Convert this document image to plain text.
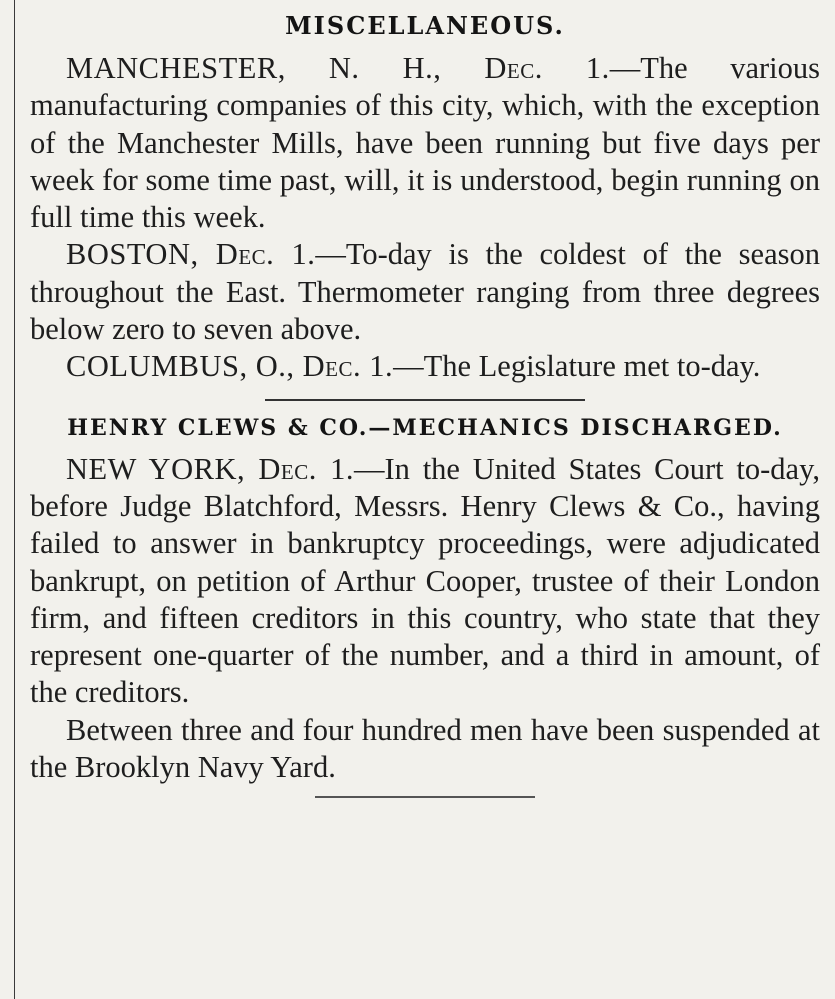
MISCELLANEOUS.

MANCHESTER, N. H., Dec. 1.—The various manufacturing companies of this city, which, with the exception of the Manchester Mills, have been running but five days per week for some time past, will, it is understood, begin running on full time this week.

BOSTON, Dec. 1.—To-day is the coldest of the season throughout the East. Thermometer ranging from three degrees below zero to seven above.

COLUMBUS, O., Dec. 1.—The Legislature met to-day.

HENRY CLEWS & CO.—MECHANICS DISCHARGED.

NEW YORK, Dec. 1.—In the United States Court to-day, before Judge Blatchford, Messrs. Henry Clews & Co., having failed to answer in bankruptcy proceedings, were adjudicated bankrupt, on petition of Arthur Cooper, trustee of their London firm, and fifteen creditors in this country, who state that they represent one-quarter of the number, and a third in amount, of the creditors.

Between three and four hundred men have been suspended at the Brooklyn Navy Yard.
